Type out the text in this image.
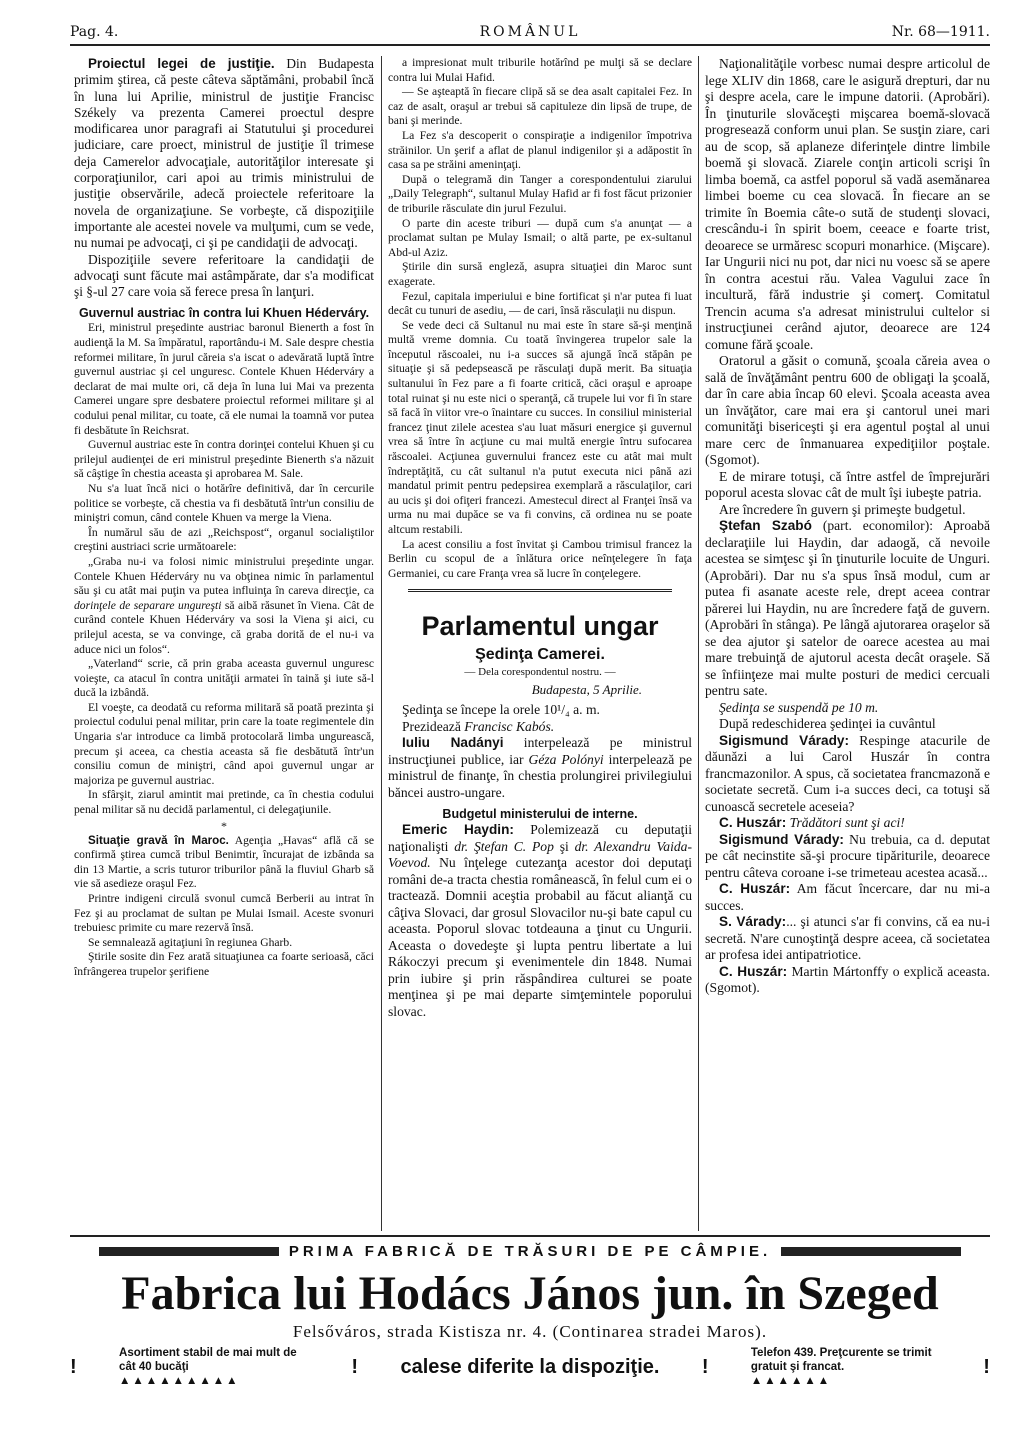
Pag. 4.	ROMÂNUL	Nr. 68—1911.

Proiectul legei de justiţie. Din Budapesta primim ştirea, că peste câteva săptămâni, probabil încă în luna lui Aprilie, ministrul de justiţie Francisc Székely va prezenta Camerei proectul despre modificarea unor paragrafi ai Statutului şi procedurei judiciare, care proect, ministrul de justiţie îl trimese deja Camerelor advocaţiale, autorităţilor interesate şi corporaţiunilor, cari apoi au trimis ministrului de justiţie observările, adecă proiectele referitoare la novela de organizaţiune. Se vorbeşte, că dispoziţiile importante ale acestei novele va mulţumi, cum se vede, nu numai pe advocaţi, ci şi pe candidaţii de advocaţi.

Dispoziţiile severe referitoare la candidaţii de advocaţi sunt făcute mai astâmpărate, dar s'a modificat şi §-ul 27 care voia să ferece presa în lanţuri.

Guvernul austriac în contra lui Khuen Héderváry.

Eri, ministrul preşedinte austriac baronul Bienerth a fost în audienţă la M. Sa împăratul, raportându-i M. Sale despre chestia reformei militare, în jurul căreia s'a iscat o adevărată luptă între guvernul austriac şi cel unguresc. Contele Khuen Héderváry a declarat de mai multe ori, că deja în luna lui Mai va prezenta Camerei ungare spre desbatere proiectul reformei militare şi al codului penal militar, cu toate, că ele numai la toamnă vor putea fi desbătute în Reichsrat.

Guvernul austriac este în contra dorinţei contelui Khuen şi cu prilejul audienţei de eri ministrul preşedinte Bienerth s'a năzuit să câştige în chestia aceasta şi aprobarea M. Sale.

Nu s'a luat încă nici o hotărîre definitivă, dar în cercurile politice se vorbeşte, că chestia va fi desbătută într'un consiliu de miniştri comun, când contele Khuen va merge la Viena.

În numărul său de azi „Reichspost“, organul socialiştilor creştini austriaci scrie următoarele:

„Graba nu-i va folosi nimic ministrului preşedinte ungar. Contele Khuen Héderváry nu va obţinea nimic în parlamentul său şi cu atât mai puţin va putea influinţa în careva direcţie, ca dorinţele de separare ungureşti să aibă răsunet în Viena. Cât de curând contele Khuen Héderváry va sosi la Viena şi aici, cu prilejul acesta, se va convinge, că graba dorită de el nu-i va aduce nici un folos“.

„Vaterland“ scrie, că prin graba aceasta guvernul unguresc voieşte, ca atacul în contra unităţii armatei în taină şi iute să-l ducă la izbândă.

El voeşte, ca deodată cu reforma militară să poată prezinta şi proiectul codului penal militar, prin care la toate regimentele din Ungaria s'ar introduce ca limbă protocolară limba ungurească, precum şi aceea, ca chestia aceasta să fie desbătută într'un consiliu comun de miniştri, când apoi guvernul ungar ar majoriza pe guvernul austriac.

In sfârşit, ziarul amintit mai pretinde, ca în chestia codului penal militar să nu decidă parlamentul, ci delegaţiunile.

*

Situaţie gravă în Maroc. Agenţia „Havas“ află că se confirmă ştirea cumcă tribul Benimtir, încurajat de izbânda sa din 13 Martie, a scris tuturor triburilor până la fluviul Gharb să vie să asedieze oraşul Fez.

Printre indigeni circulă svonul cumcă Berberii au intrat în Fez şi au proclamat de sultan pe Mulai Ismail. Aceste svonuri trebuiesc primite cu mare rezervă însă.

Se semnalează agitaţiuni în regiunea Gharb.

Ştirile sosite din Fez arată situaţiunea ca foarte serioasă, căci înfrângerea trupelor şerifiene

a impresionat mult triburile hotărînd pe mulţi să se declare contra lui Mulai Hafid.

— Se aşteaptă în fiecare clipă să se dea asalt capitalei Fez. In caz de asalt, oraşul ar trebui să capituleze din lipsă de trupe, de bani şi merinde.

La Fez s'a descoperit o conspiraţie a indigenilor împotriva străinilor. Un şerif a aflat de planul indigenilor şi a adăpostit în casa sa pe străini ameninţaţi.

După o telegramă din Tanger a corespondentului ziarului „Daily Telegraph“, sultanul Mulay Hafid ar fi fost făcut prizonier de triburile răsculate din jurul Fezului.

O parte din aceste triburi — după cum s'a anunţat — a proclamat sultan pe Mulay Ismail; o altă parte, pe ex-sultanul Abd-ul Aziz.

Ştirile din sursă engleză, asupra situaţiei din Maroc sunt exagerate.

Fezul, capitala imperiului e bine fortificat şi n'ar putea fi luat decât cu tunuri de asediu, — de cari, însă răsculaţii nu dispun.

Se vede deci că Sultanul nu mai este în stare să-şi menţină multă vreme domnia. Cu toată învingerea trupelor sale la începutul răscoalei, nu i-a succes să ajungă încă stăpân pe situaţie şi să pedepsească pe răsculaţi după merit. Ba situaţia sultanului în Fez pare a fi foarte critică, căci oraşul e aproape total ruinat şi nu este nici o speranţă, că trupele lui vor fi în stare să facă în viitor vre-o înaintare cu succes. In consiliul ministerial francez ţinut zilele acestea s'au luat măsuri energice şi guvernul vrea să între în acţiune cu mai multă energie întru sufocarea răscoalei. Acţiunea guvernului francez este cu atât mai mult îndreptăţită, cu cât sultanul n'a putut executa nici până azi mandatul primit pentru pedepsirea exemplară a răsculaţilor, cari au ucis şi doi ofiţeri francezi. Amestecul direct al Franţei însă va urma nu mai dupăce se va fi convins, că ordinea nu se poate altcum restabili.

La acest consiliu a fost învitat şi Cambou trimisul francez la Berlin cu scopul de a înlătura orice neînţelegere în faţa Germaniei, cu care Franţa vrea să lucre în conţelegere.

Parlamentul ungar
Şedinţa Camerei.
— Dela corespondentul nostru. —
Budapesta, 5 Aprilie.

Şedinţa se începe la orele 10¹/₄ a. m.

Prezidează Francisc Kabós.

Iuliu Nadányi interpelează pe ministrul instrucţiunei publice, iar Géza Polónyi interpelează pe ministrul de finanţe, în chestia prolungirei privilegiului băncei austro-ungare.

Budgetul ministerului de interne.

Emeric Haydin: Polemizează cu deputaţii naţionalişti dr. Ştefan C. Pop şi dr. Alexandru Vaida-Voevod. Nu înţelege cutezanţa acestor doi deputaţi români de-a tracta chestia românească, în felul cum ei o tractează. Domnii aceştia probabil au făcut alianţă cu câţiva Slovaci, dar grosul Slovacilor nu-şi bate capul cu aceasta. Poporul slovac totdeauna a ţinut cu Ungurii. Aceasta o dovedeşte şi lupta pentru libertate a lui Rákoczyi precum şi evenimentele din 1848. Numai prin iubire şi prin răspândirea culturei se poate menţinea şi pe mai departe simţemintele poporului slovac.

Naţionalităţile vorbesc numai despre articolul de lege XLIV din 1868, care le asigură drepturi, dar nu şi despre acela, care le impune datorii. (Aprobări). În ţinuturile slovăceşti mişcarea boemă-slovacă progresează conform unui plan. Se susţin ziare, cari au de scop, să aplaneze diferinţele dintre limbile boemă şi slovacă. Ziarele conţin articoli scrişi în limba boemă, ca astfel poporul să vadă asemănarea limbei boeme cu cea slovacă. În fiecare an se trimite în Boemia câte-o sută de studenţi slovaci, crescându-i în spirit boem, ceeace e foarte trist, deoarece se urmăresc scopuri monarhice. (Mişcare). Iar Ungurii nici nu pot, dar nici nu voesc să se apere în contra acestui rău. Valea Vagului zace în incultură, fără industrie şi comerţ. Comitatul Trencin acuma s'a adresat ministrului cultelor si instrucţiunei cerând ajutor, deoarece are 124 comune fără şcoale.

Oratorul a găsit o comună, şcoala căreia avea o sală de învăţământ pentru 600 de obligaţi la şcoală, dar în care abia încap 60 elevi. Şcoala aceasta avea un învăţător, care mai era şi cantorul unei mari comunităţi bisericeşti şi era agentul poştal al unui mare cerc de înmanuarea expediţiilor poştale. (Sgomot).

E de mirare totuşi, că între astfel de împrejurări poporul acesta slovac cât de mult îşi iubeşte patria.

Are încredere în guvern şi primeşte budgetul.

Ştefan Szabó (part. economilor): Aproabă declaraţiile lui Haydin, dar adaogă, că nevoile acestea se simţesc şi în ţinuturile locuite de Unguri. (Aprobări). Dar nu s'a spus însă modul, cum ar putea fi asanate aceste rele, drept aceea contrar părerei lui Haydin, nu are încredere faţă de guvern. (Aprobări în stânga). Pe lângă ajutorarea oraşelor să se dea ajutor şi satelor de oarece acestea au mai mare trebuinţă de ajutorul acesta decât oraşele. Să se înfiinţeze mai multe posturi de medici cercuali pentru sate.

Şedinţa se suspendă pe 10 m.

După redeschiderea şedinţei ia cuvântul

Sigismund Várady: Respinge atacurile de dăunăzi a lui Carol Huszár în contra francmazonilor. A spus, că societatea francmazonă e societate secretă. Cum i-a succes deci, ca totuşi să cunoască secretele aceseia?

C. Huszár: Trădători sunt şi aci!

Sigismund Várady: Nu trebuia, ca d. deputat pe cât necinstite să-şi procure tipăriturile, deoarece pentru câteva coroane i-se trimeteau acestea acasă...

C. Huszár: Am făcut încercare, dar nu mi-a succes.

S. Várady:... şi atunci s'ar fi convins, că ea nu-i secretă. N'are cunoştinţă despre aceea, că societatea ar profesa idei antipatriotice.

C. Huszár: Martin Mártonffy o explică aceasta. (Sgomot).

PRIMA FABRICĂ DE TRĂSURI DE PE CÂMPIE.
Fabrica lui Hodács János jun. în Szeged
Felsőváros, strada Kistisza nr. 4. (Continarea stradei Maros).
!
Asortiment stabil de mai mult de cât 40 bucăţi
▲▲▲▲▲▲▲▲▲
! calese diferite la dispoziţie. !
Telefon 439. Preţcurente se trimit gratuit şi francat.
▲▲▲▲▲▲
!
